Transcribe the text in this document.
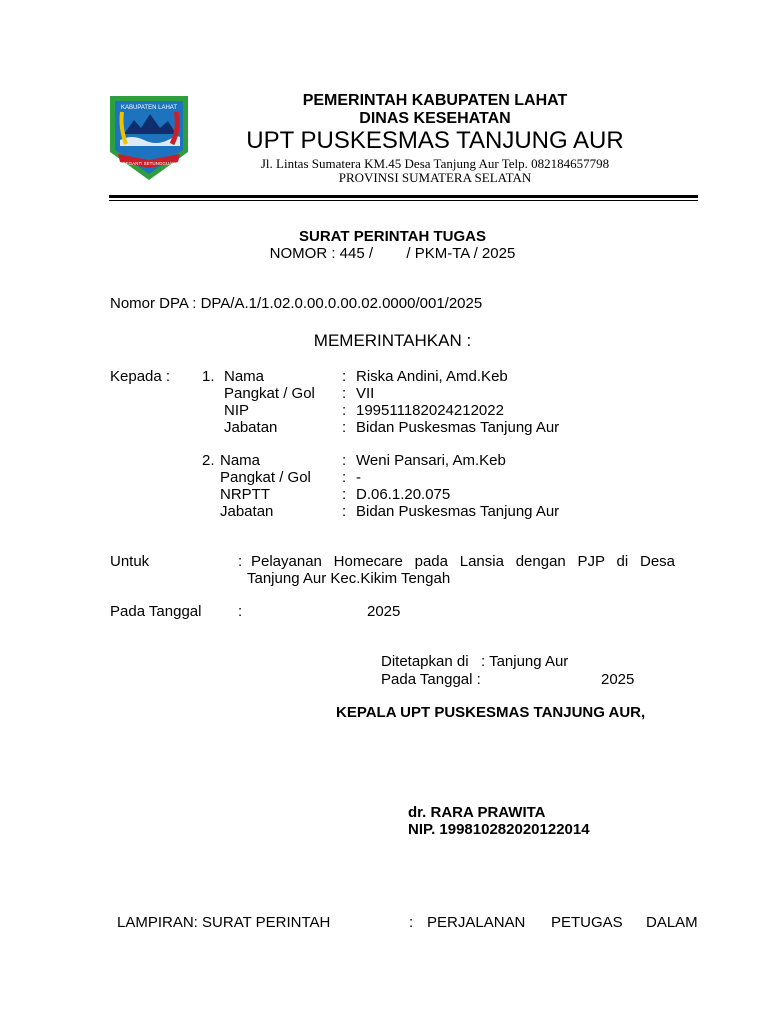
KABUPATEN LAHAT
SEGANTI SETUNGGUAN
PEMERINTAH KABUPATEN LAHAT
DINAS KESEHATAN
UPT PUSKESMAS TANJUNG AUR
Jl. Lintas Sumatera KM.45 Desa Tanjung Aur Telp. 082184657798
PROVINSI SUMATERA SELATAN
SURAT PERINTAH TUGAS
NOMOR : 445 /        / PKM-TA / 2025
Nomor DPA : DPA/A.1/1.02.0.00.0.00.02.0000/001/2025
MEMERINTAHKAN :
Kepada : 1. Nama	: Riska Andini, Amd.Keb
Pangkat / Gol : VII
NIP	: 199511182024212022
Jabatan	: Bidan Puskesmas Tanjung Aur
2. Nama	: Weni Pansari, Am.Keb
Pangkat / Gol : -
NRPTT	: D.06.1.20.075
Jabatan	: Bidan Puskesmas Tanjung Aur
Untuk	: Pelayanan Homecare pada Lansia dengan PJP di Desa
Tanjung Aur Kec.Kikim Tengah
Pada Tanggal :	2025
Ditetapkan di : Tanjung Aur
Pada Tanggal :	2025
KEPALA UPT PUSKESMAS TANJUNG AUR,
dr. RARA PRAWITA
NIP. 199810282020122014
LAMPIRAN: SURAT PERINTAH	: PERJALANAN PETUGAS DALAM
